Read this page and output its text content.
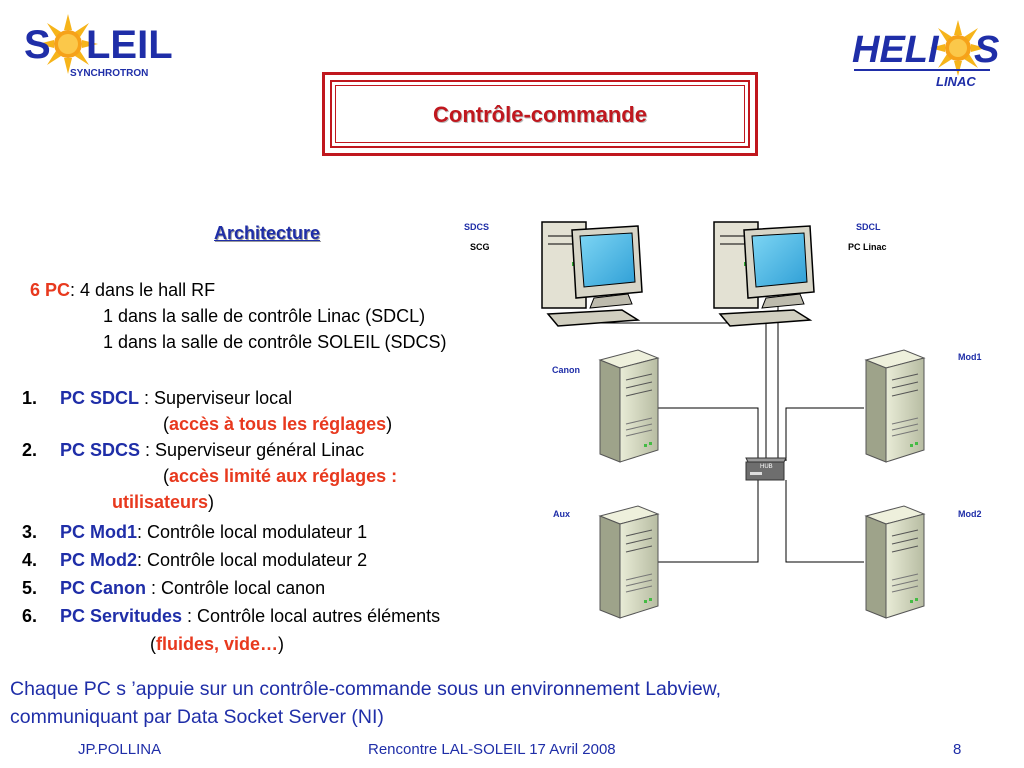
S LEIL
SYNCHROTRON
HELI S
LINAC
Contrôle-commande
Architecture
6 PC: 4 dans le hall RF
1 dans la salle de contrôle Linac (SDCL)
1 dans la salle de contrôle SOLEIL (SDCS)
1. PC SDCL : Superviseur local
(accès à tous les réglages)
2. PC SDCS : Superviseur général Linac
(accès limité aux réglages :
utilisateurs)
3. PC Mod1: Contrôle local modulateur 1
4. PC Mod2: Contrôle local modulateur 2
5. PC Canon : Contrôle local canon
6. PC Servitudes : Contrôle local autres éléments
(fluides, vide…)
HUB
SDCS
SCG
SDCL
PC Linac
Canon
Mod1
Aux	Mod2
Chaque PC s ’appuie sur un contrôle-commande sous un environnement Labview,
communiquant par Data Socket Server (NI)
JP.POLLINA	Rencontre LAL-SOLEIL 17 Avril 2008	8
